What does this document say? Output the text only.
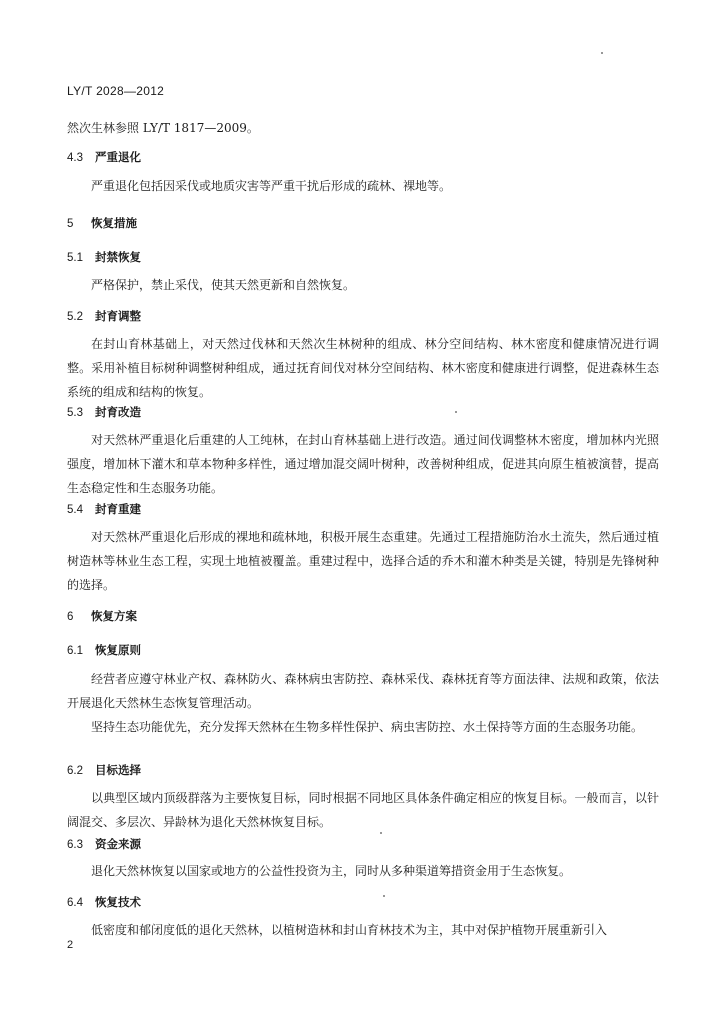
LY/T 2028—2012
然次生林参照 LY/T 1817—2009。
4.3 严重退化
严重退化包括因采伐或地质灾害等严重干扰后形成的疏林、裸地等。
5 恢复措施
5.1 封禁恢复
严格保护，禁止采伐，使其天然更新和自然恢复。
5.2 封育调整
在封山育林基础上，对天然过伐林和天然次生林树种的组成、林分空间结构、林木密度和健康情况进行调整。采用补植目标树种调整树种组成，通过抚育间伐对林分空间结构、林木密度和健康进行调整，促进森林生态系统的组成和结构的恢复。
5.3 封育改造
对天然林严重退化后重建的人工纯林，在封山育林基础上进行改造。通过间伐调整林木密度，增加林内光照强度，增加林下灌木和草本物种多样性，通过增加混交阔叶树种，改善树种组成，促进其向原生植被演替，提高生态稳定性和生态服务功能。
5.4 封育重建
对天然林严重退化后形成的裸地和疏林地，积极开展生态重建。先通过工程措施防治水土流失，然后通过植树造林等林业生态工程，实现土地植被覆盖。重建过程中，选择合适的乔木和灌木种类是关键，特别是先锋树种的选择。
6 恢复方案
6.1 恢复原则
经营者应遵守林业产权、森林防火、森林病虫害防控、森林采伐、森林抚育等方面法律、法规和政策，依法开展退化天然林生态恢复管理活动。
坚持生态功能优先，充分发挥天然林在生物多样性保护、病虫害防控、水土保持等方面的生态服务功能。
6.2 目标选择
以典型区域内顶级群落为主要恢复目标，同时根据不同地区具体条件确定相应的恢复目标。一般而言，以针阔混交、多层次、异龄林为退化天然林恢复目标。
6.3 资金来源
退化天然林恢复以国家或地方的公益性投资为主，同时从多种渠道筹措资金用于生态恢复。
6.4 恢复技术
低密度和郁闭度低的退化天然林，以植树造林和封山育林技术为主，其中对保护植物开展重新引入
2
